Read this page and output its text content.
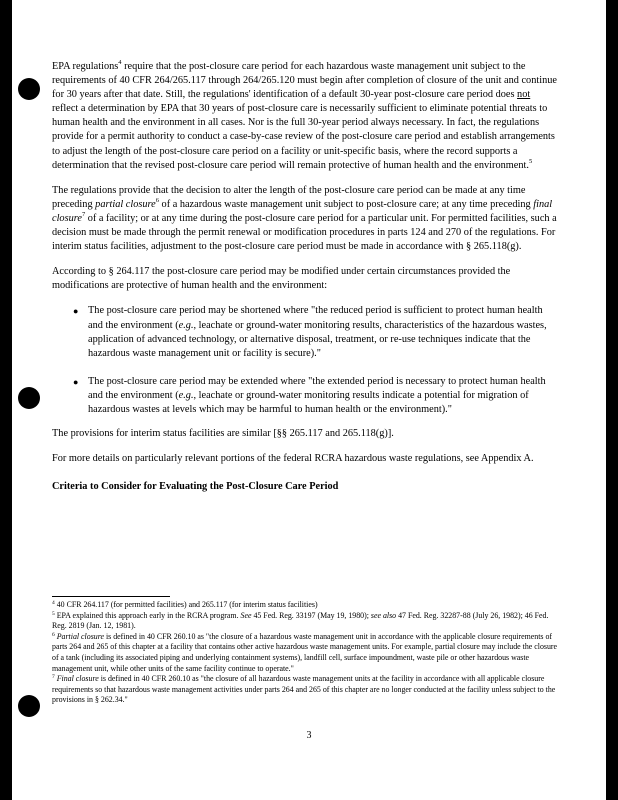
EPA regulations$^4$ require that the post-closure care period for each hazardous waste management unit subject to the requirements of 40 CFR 264/265.117 through 264/265.120 must begin after completion of closure of the unit and continue for 30 years after that date. Still, the regulations' identification of a default 30-year post-closure care period does not reflect a determination by EPA that 30 years of post-closure care is necessarily sufficient to eliminate potential threats to human health and the environment in all cases. Nor is the full 30-year period always necessary. In fact, the regulations provide for a permit authority to conduct a case-by-case review of the post-closure care period and establish arrangements to adjust the length of the post-closure care period on a facility or unit-specific basis, where the record supports a determination that the revised post-closure care period will remain protective of human health and the environment.$^5$

The regulations provide that the decision to alter the length of the post-closure care period can be made at any time preceding partial closure$^6$ of a hazardous waste management unit subject to post-closure care; at any time preceding final closure$^7$ of a facility; or at any time during the post-closure care period for a particular unit. For permitted facilities, such a decision must be made through the permit renewal or modification procedures in parts 124 and 270 of the regulations. For interim status facilities, adjustment to the post-closure care period must be made in accordance with § 265.118(g).

According to § 264.117 the post-closure care period may be modified under certain circumstances provided the modifications are protective of human health and the environment:

● The post-closure care period may be shortened where "the reduced period is sufficient to protect human health and the environment (e.g., leachate or ground-water monitoring results, characteristics of the hazardous wastes, application of advanced technology, or alternative disposal, treatment, or re-use techniques indicate that the hazardous waste management unit or facility is secure)."
● The post-closure care period may be extended where "the extended period is necessary to protect human health and the environment (e.g., leachate or ground-water monitoring results indicate a potential for migration of hazardous wastes at levels which may be harmful to human health or the environment)."

The provisions for interim status facilities are similar [§§ 265.117 and 265.118(g)].

For more details on particularly relevant portions of the federal RCRA hazardous waste regulations, see Appendix A.

Criteria to Consider for Evaluating the Post-Closure Care Period

$^4$ 40 CFR 264.117 (for permitted facilities) and 265.117 (for interim status facilities)

$^5$ EPA explained this approach early in the RCRA program. See 45 Fed. Reg. 33197 (May 19, 1980); see also 47 Fed. Reg. 32287-88 (July 26, 1982); 46 Fed. Reg. 2819 (Jan. 12, 1981).

$^6$ Partial closure is defined in 40 CFR 260.10 as "the closure of a hazardous waste management unit in accordance with the applicable closure requirements of parts 264 and 265 of this chapter at a facility that contains other active hazardous waste management units. For example, partial closure may include the closure of a tank (including its associated piping and underlying containment systems), landfill cell, surface impoundment, waste pile or other hazardous waste management unit, while other units of the same facility continue to operate."

$^7$ Final closure is defined in 40 CFR 260.10 as "the closure of all hazardous waste management units at the facility in accordance with all applicable closure requirements so that hazardous waste management activities under parts 264 and 265 of this chapter are no longer conducted at the facility unless subject to the provisions in § 262.34."

3
